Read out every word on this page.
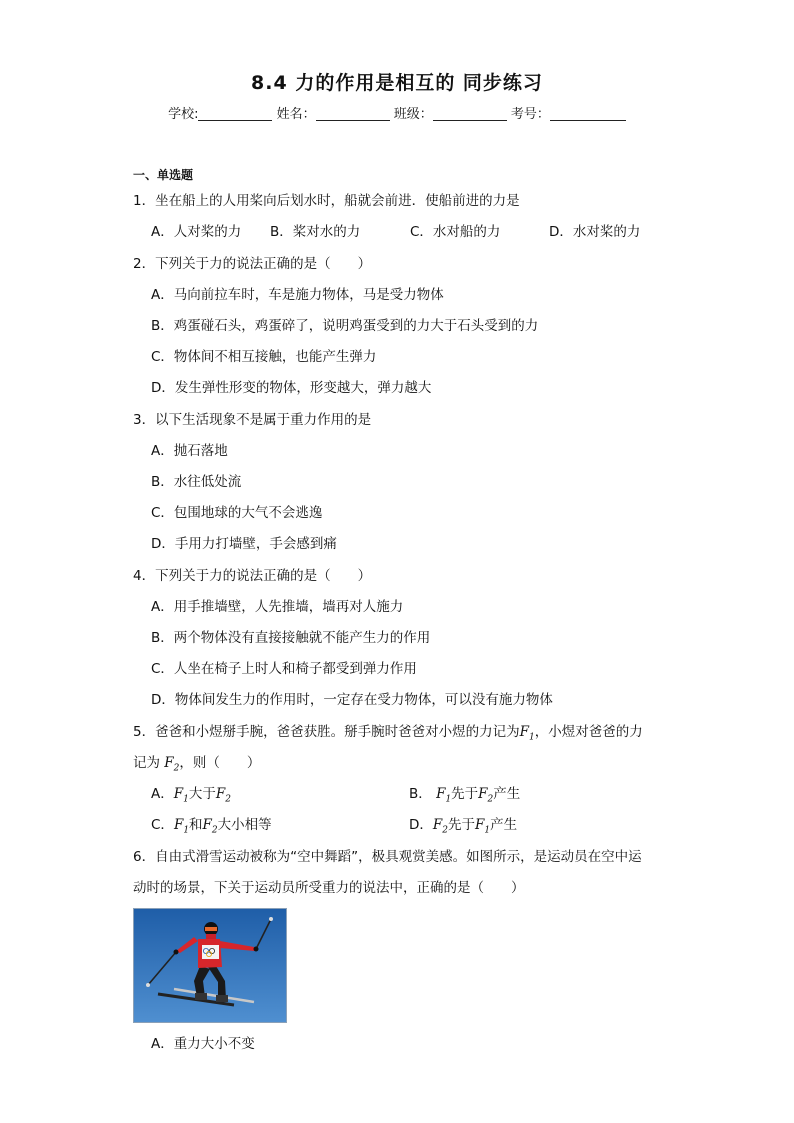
8.4 力的作用是相互的 同步练习
学校:	姓名：	班级：	考号：
一、单选题
1．坐在船上的人用桨向后划水时，船就会前进．使船前进的力是
A．人对桨的力 B．桨对水的力	C．水对船的力	D．水对桨的力
2．下列关于力的说法正确的是（　　）
A．马向前拉车时，车是施力物体，马是受力物体
B．鸡蛋碰石头，鸡蛋碎了，说明鸡蛋受到的力大于石头受到的力
C．物体间不相互接触，也能产生弹力
D．发生弹性形变的物体，形变越大，弹力越大
3．以下生活现象不是属于重力作用的是
A．抛石落地
B．水往低处流
C．包围地球的大气不会逃逸
D．手用力打墙壁，手会感到痛
4．下列关于力的说法正确的是（　　）
A．用手推墙壁，人先推墙，墙再对人施力
B．两个物体没有直接接触就不能产生力的作用
C．人坐在椅子上时人和椅子都受到弹力作用
D．物体间发生力的作用时，一定存在受力物体，可以没有施力物体
5．爸爸和小煜掰手腕，爸爸获胜。掰手腕时爸爸对小煜的力记为$F_1$，小煜对爸爸的力
记为 $F_2$，则（　　）
A．$F_1$大于$F_2$	B． $F_1$先于$F_2$产生
C．$F_1$和$F_2$大小相等	D．$F_2$先于$F_1$产生
6．自由式滑雪运动被称为“空中舞蹈”，极具观赏美感。如图所示，是运动员在空中运
动时的场景，下关于运动员所受重力的说法中，正确的是（　　）
A．重力大小不变
